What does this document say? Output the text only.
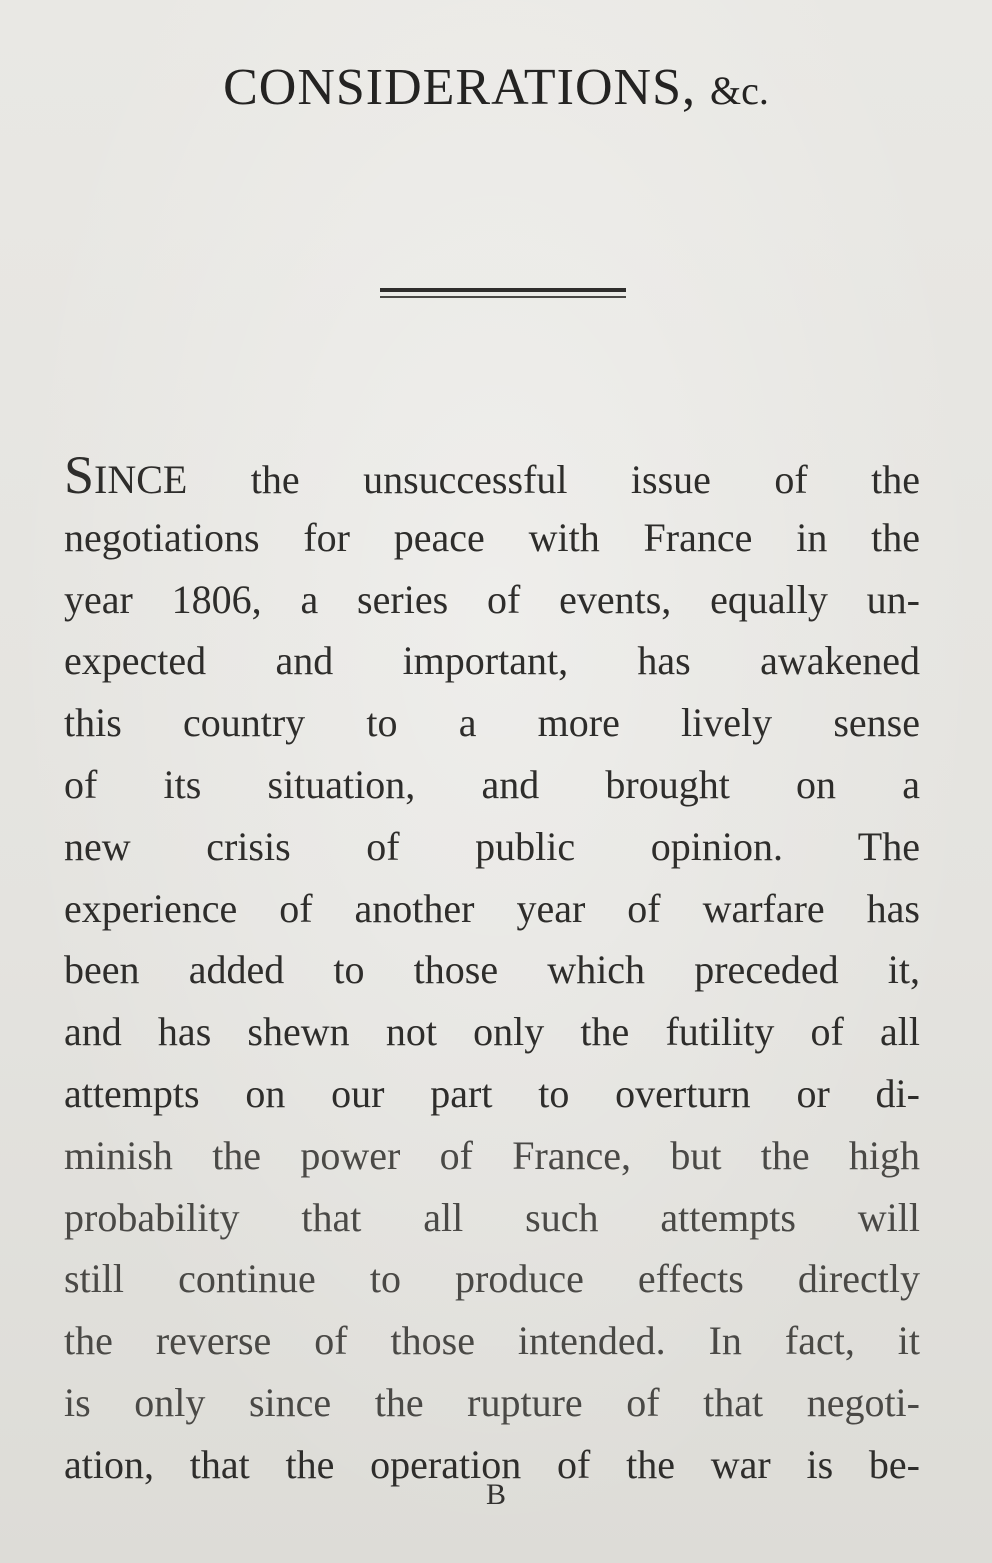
CONSIDERATIONS, &c.
SINCE the unsuccessful issue of the
negotiations for peace with France in the
year 1806, a series of events, equally un-
expected and important, has awakened
this country to a more lively sense
of its situation, and brought on a
new crisis of public opinion. The
experience of another year of warfare has
been added to those which preceded it,
and has shewn not only the futility of all
attempts on our part to overturn or di-
minish the power of France, but the high
probability that all such attempts will
still continue to produce effects directly
the reverse of those intended. In fact, it
is only since the rupture of that negoti-
ation, that the operation of the war is be-
B
